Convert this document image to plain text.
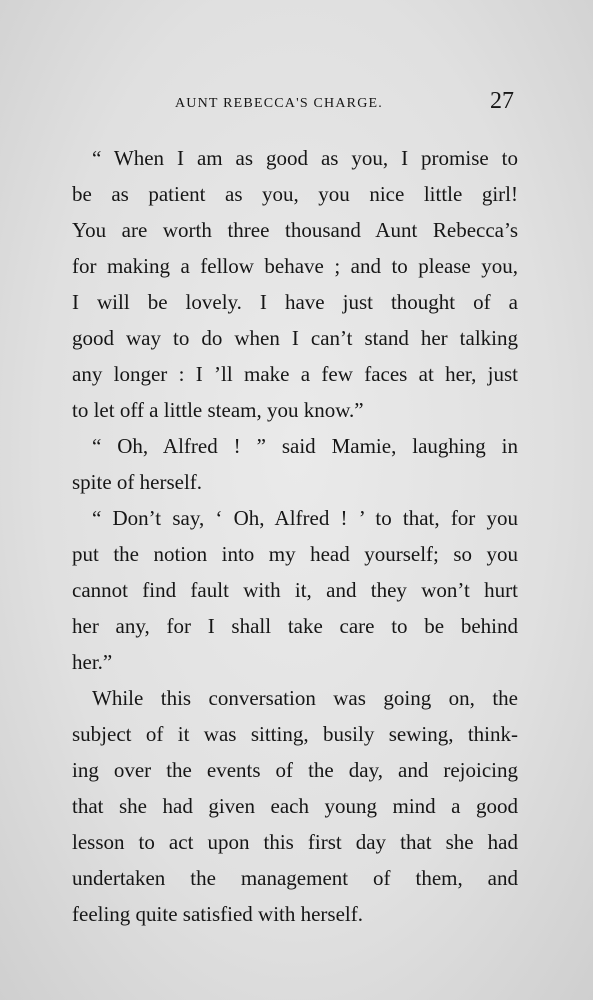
AUNT REBECCA'S CHARGE.	27
“ When I am as good as you, I promise to
be as patient as you, you nice little girl!
You are worth three thousand Aunt Rebecca’s
for making a fellow behave ; and to please you,
I will be lovely. I have just thought of a
good way to do when I can’t stand her talking
any longer : I ’ll make a few faces at her, just
to let off a little steam, you know.”
“ Oh, Alfred ! ” said Mamie, laughing in
spite of herself.
“ Don’t say, ‘ Oh, Alfred ! ’ to that, for you
put the notion into my head yourself; so you
cannot find fault with it, and they won’t hurt
her any, for I shall take care to be behind
her.”
While this conversation was going on, the
subject of it was sitting, busily sewing, think-
ing over the events of the day, and rejoicing
that she had given each young mind a good
lesson to act upon this first day that she had
undertaken the management of them, and
feeling quite satisfied with herself.
